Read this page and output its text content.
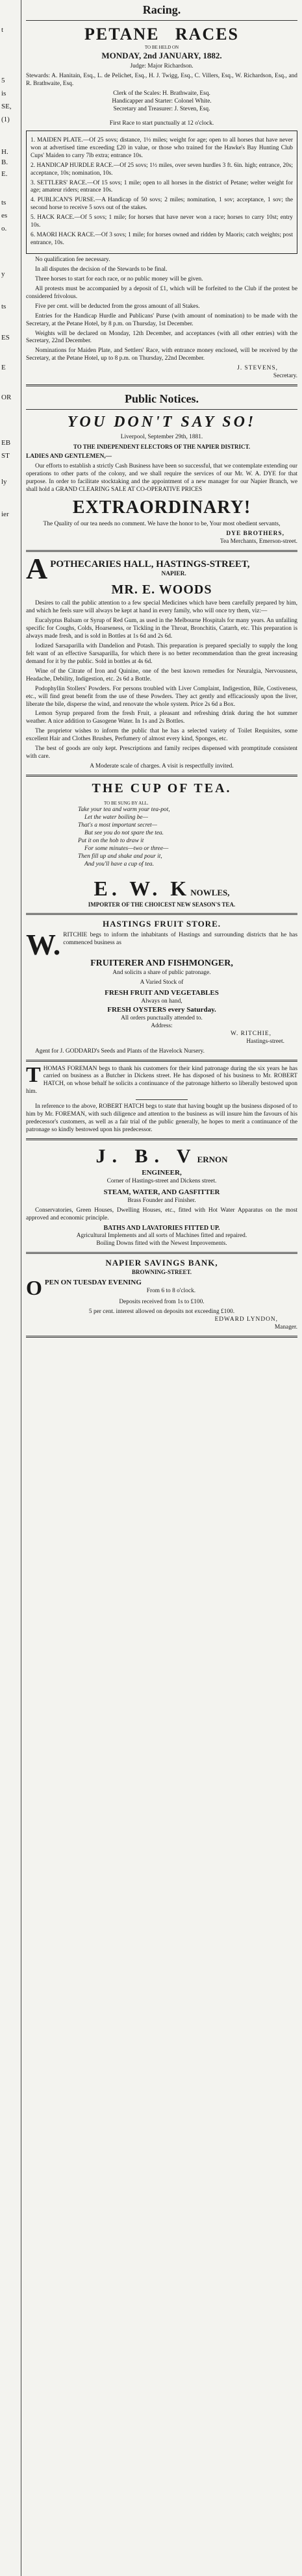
t
5
is
SE,
(1)
H.
B.
E.
ts
es
o.
y
ts
ES
E
OR
EB
ST
ly
ier
Racing.
PETANE RACES
TO BE HELD ON
MONDAY, 2nd JANUARY, 1882.
Judge: Major Richardson.
Stewards: A. Hanitain, Esq., L. de Pelichet, Esq., H. J. Twigg, Esq., C. Villers, Esq., W. Richardson, Esq., and R. Brathwaite, Esq.
Clerk of the Scales: H. Brathwaite, Esq.
Handicapper and Starter: Colonel White.
Secretary and Treasurer: J. Steven, Esq.
First Race to start punctually at 12 o'clock.
1. MAIDEN PLATE.—Of 25 sovs; distance, 1½ miles; weight for age; open to all horses that have never won at advertised time exceeding £20 in value, or those who trained for the Hawke's Bay Hunting Club Cups' Maiden to carry 7lb extra; entrance 10s.
2. HANDICAP HURDLE RACE.—Of 25 sovs; 1½ miles, over seven hurdles 3 ft. 6in. high; entrance, 20s; acceptance, 10s; nomination, 10s.
3. SETTLERS' RACE.—Of 15 sovs; 1 mile; open to all horses in the district of Petane; welter weight for age; amateur riders; entrance 10s.
4. PUBLICAN'S PURSE.—A Handicap of 50 sovs; 2 miles; nomination, 1 sov; acceptance, 1 sov; the second horse to receive 5 sovs out of the stakes.
5. HACK RACE.—Of 5 sovs; 1 mile; for horses that have never won a race; horses to carry 10st; entry 10s.
6. MAORI HACK RACE.—Of 3 sovs; 1 mile; for horses owned and ridden by Maoris; catch weights; post entrance, 10s.
No qualification fee necessary.
In all disputes the decision of the Stewards to be final.
Three horses to start for each race, or no public money will be given.
All protests must be accompanied by a deposit of £1, which will be forfeited to the Club if the protest be considered frivolous.
Five per cent. will be deducted from the gross amount of all Stakes.
Entries for the Handicap Hurdle and Publicans' Purse (with amount of nomination) to be made with the Secretary, at the Petane Hotel, by 8 p.m. on Thursday, 1st December.
Weights will be declared on Monday, 12th December, and acceptances (with all other entries) with the Secretary, 22nd December.
Nominations for Maiden Plate, and Settlers' Race, with entrance money enclosed, will be received by the Secretary, at the Petane Hotel, up to 8 p.m. on Thursday, 22nd December.
J. STEVENS,
Secretary.
Public Notices.
YOU DON'T SAY SO!
Liverpool, September 29th, 1881.
TO THE INDEPENDENT ELECTORS OF THE NAPIER DISTRICT.
LADIES AND GENTLEMEN,—
Our efforts to establish a strictly Cash Business have been so successful, that we contemplate extending our operations to other parts of the colony, and we shall require the services of our Mr. W. A. DYE for that purpose. In order to facilitate stocktaking and the appointment of a new manager for our Napier Branch, we shall hold a GRAND CLEARING SALE AT CO-OPERATIVE PRICES
EXTRAORDINARY!
The Quality of our tea needs no comment. We have the honor to be, Your most obedient servants,
DYE BROTHERS,
Tea Merchants, Emerson-street.
A POTHECARIES HALL, HASTINGS-STREET,
NAPIER.
MR. E. WOODS
Desires to call the public attention to a few special Medicines which have been carefully prepared by him, and which he feels sure will always be kept at hand in every family, who will once try them, viz:—
Eucalyptus Balsam or Syrup of Red Gum, as used in the Melbourne Hospitals for many years. An unfailing specific for Coughs, Colds, Hoarseness, or Tickling in the Throat, Bronchitis, Catarrh, etc. This preparation is always made fresh, and is sold in Bottles at 1s 6d and 2s 6d.
Iodized Sarsaparilla with Dandelion and Potash. This preparation is prepared specially to supply the long felt want of an effective Sarsaparilla, for which there is no better recommendation than the great increasing demand for it by the public. Sold in bottles at 4s 6d.
Wine of the Citrate of Iron and Quinine, one of the best known remedies for Neuralgia, Nervousness, Headache, Debility, Indigestion, etc. 2s 6d a Bottle.
Podophyllin Stollers' Powders. For persons troubled with Liver Complaint, Indigestion, Bile, Costiveness, etc., will find great benefit from the use of these Powders. They act gently and efficaciously upon the liver, liberate the bile, disperse the wind, and renovate the whole system. Price 2s 6d a Box.
Lemon Syrup prepared from the fresh Fruit, a pleasant and refreshing drink during the hot summer weather. A nice addition to Gasogene Water. In 1s and 2s Bottles.
The proprietor wishes to inform the public that he has a selected variety of Toilet Requisites, some excellent Hair and Clothes Brushes, Perfumery of almost every kind, Sponges, etc.
The best of goods are only kept. Prescriptions and family recipes dispensed with promptitude consistent with care.
A Moderate scale of charges. A visit is respectfully invited.
THE CUP OF TEA.
TO BE SUNG BY ALL.
Take your tea and warm your tea-pot,
Let the water boiling be—
That's a most important secret—
But see you do not spare the tea.
Put it on the hob to draw it
For some minutes—two or three—
Then fill up and shake and pour it,
And you'll have a cup of tea.
E. W. KNOWLES,
IMPORTER OF THE CHOICEST NEW SEASON'S TEA.
HASTINGS FRUIT STORE.
W. RITCHIE begs to inform the inhabitants of Hastings and surrounding districts that he has commenced business as
FRUITERER AND FISHMONGER,
And solicits a share of public patronage.
A Varied Stock of
FRESH FRUIT AND VEGETABLES
Always on hand,
FRESH OYSTERS every Saturday.
All orders punctually attended to.
Address:
W. RITCHIE,
Hastings-street.
Agent for J. GODDARD's Seeds and Plants of the Havelock Nursery.
T HOMAS FOREMAN begs to thank his customers for their kind patronage during the six years he has carried on business as a Butcher in Dickens street. He has disposed of his business to Mr. ROBERT HATCH, on whose behalf he solicits a continuance of the patronage hitherto so liberally bestowed upon him.
In reference to the above, ROBERT HATCH begs to state that having bought up the business disposed of to him by Mr. FOREMAN, with such diligence and attention to the business as will insure him the favours of his predecessor's customers, as well as a fair trial of the public generally, he hopes to merit a continuance of the patronage so kindly bestowed upon his predecessor.
J. B. VERNON
ENGINEER,
Corner of Hastings-street and Dickens street.
STEAM, WATER, AND GASFITTER
Brass Founder and Finisher.
Conservatories, Green Houses, Dwelling Houses, etc., fitted with Hot Water Apparatus on the most approved and economic principle.
BATHS AND LAVATORIES FITTED UP.
Agricultural Implements and all sorts of Machines fitted and repaired.
Boiling Downs fitted with the Newest Improvements.
NAPIER SAVINGS BANK,
BROWNING-STREET.
O PEN ON TUESDAY EVENING
From 6 to 8 o'clock.
Deposits received from 1s to £100.
5 per cent. interest allowed on deposits not exceeding £100.
EDWARD LYNDON,
Manager.
